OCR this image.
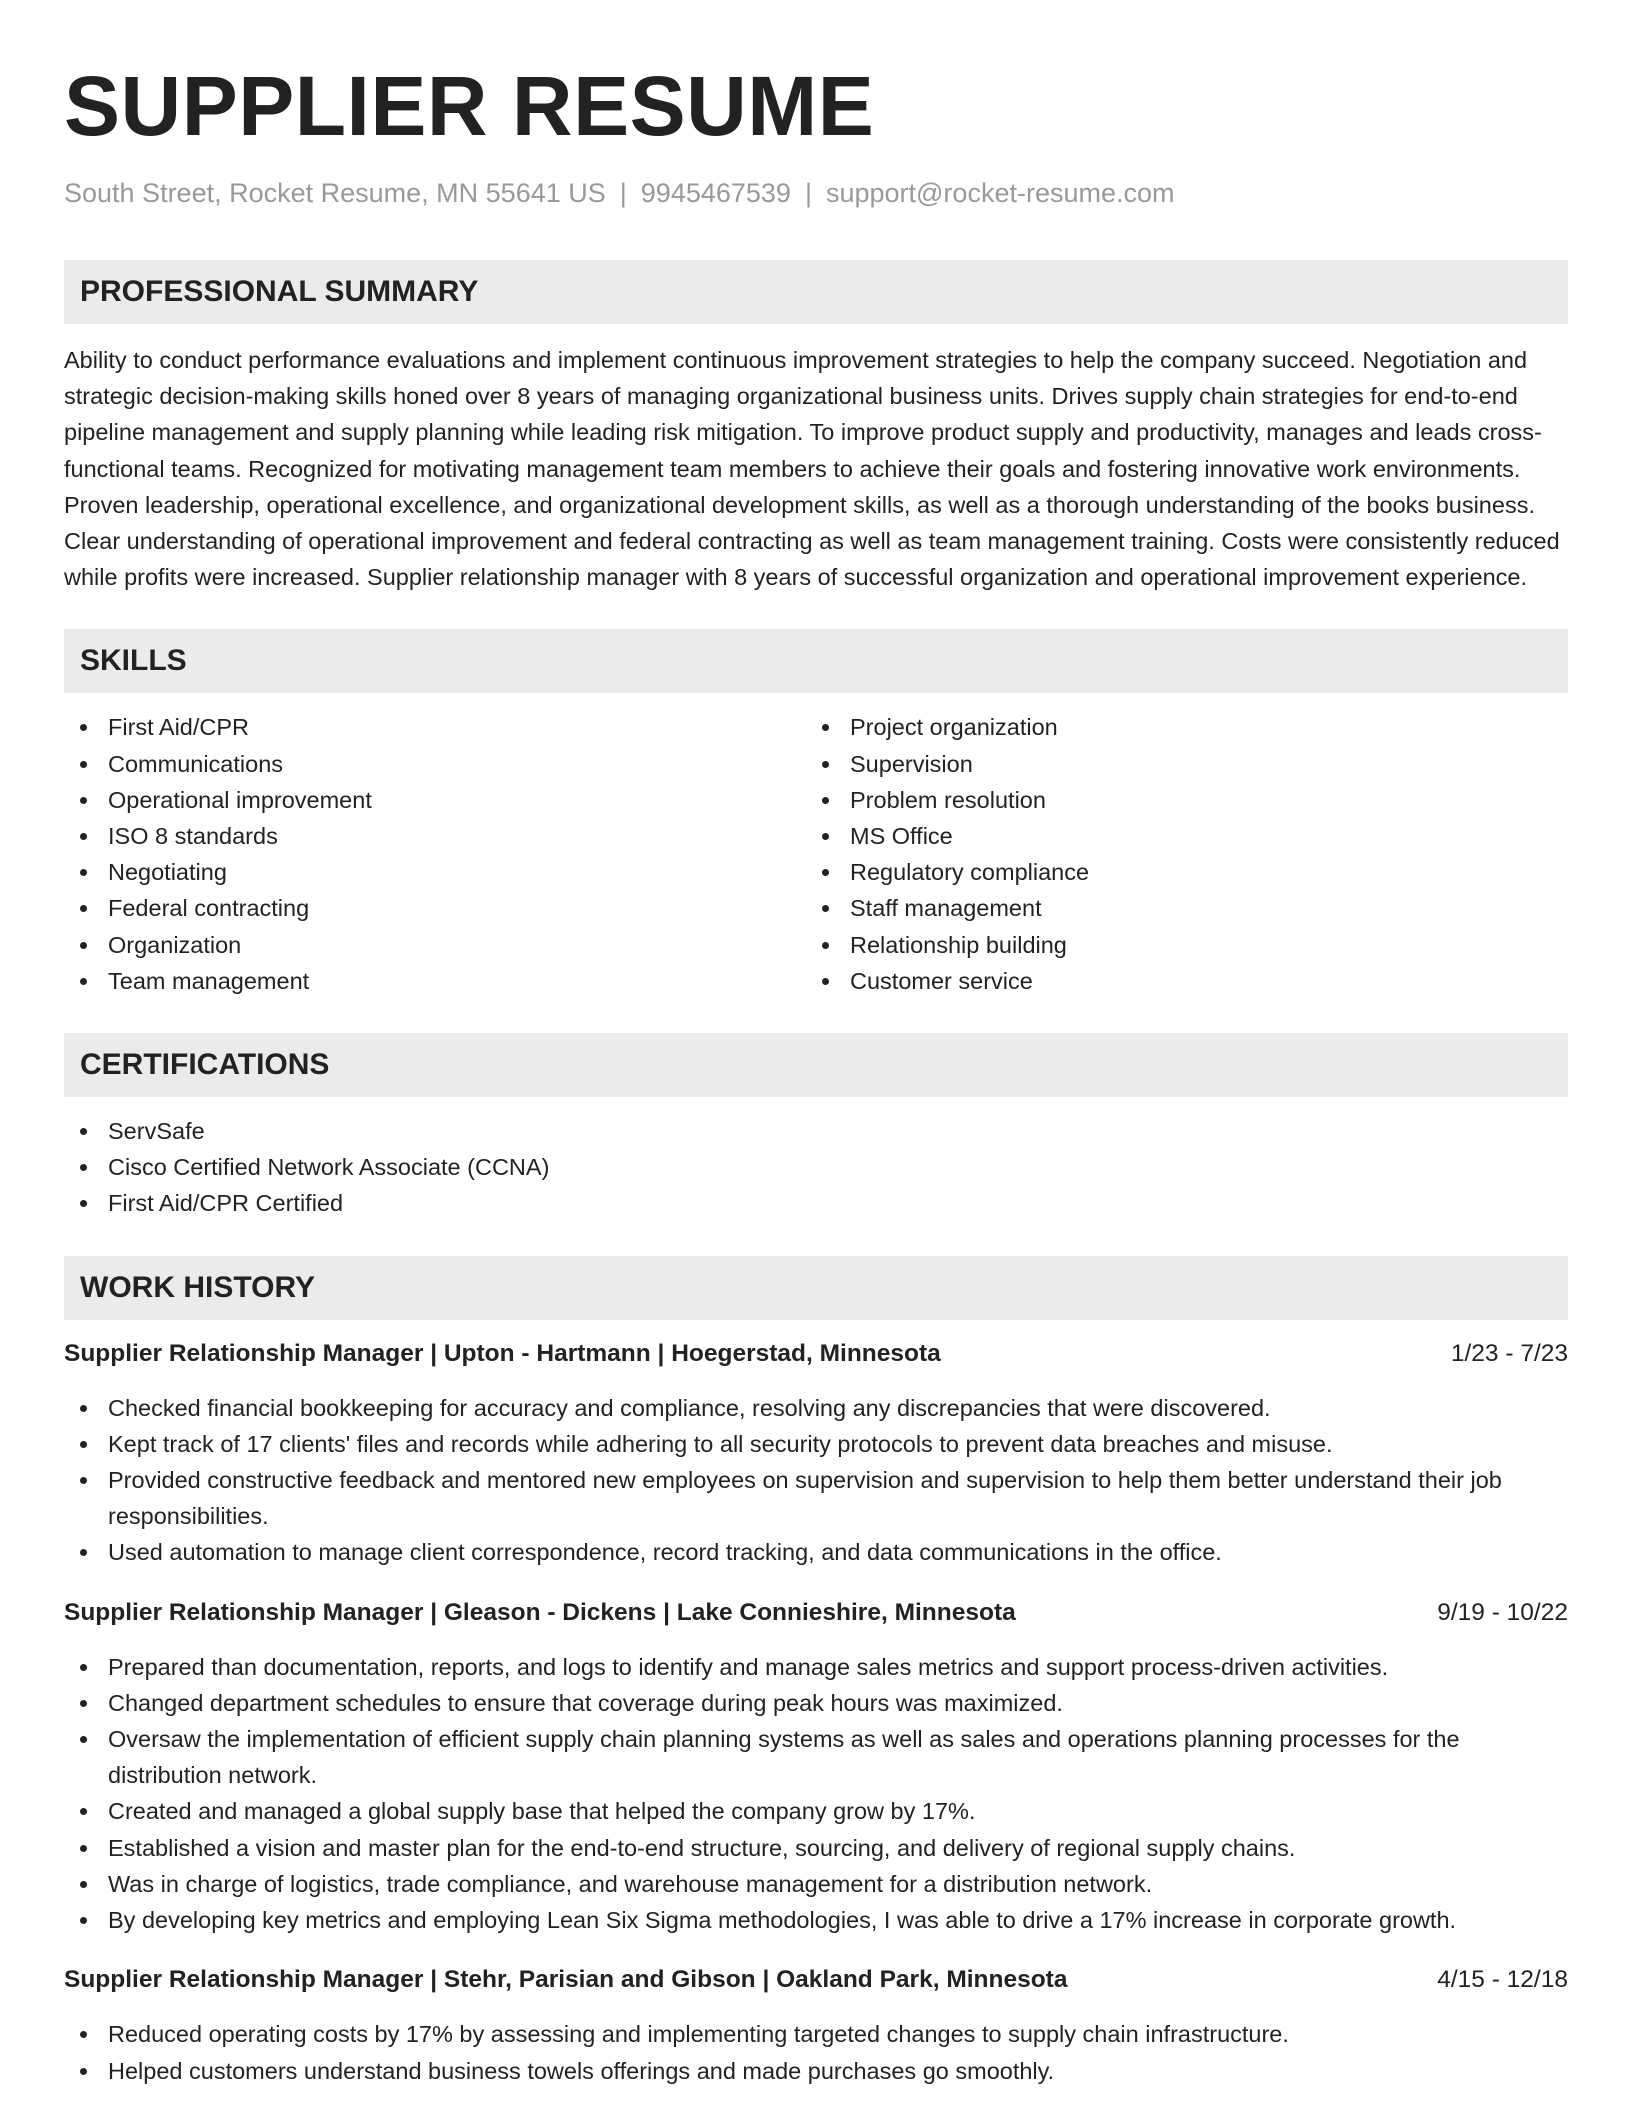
SUPPLIER RESUME
South Street, Rocket Resume, MN 55641 US | 9945467539 | support@rocket-resume.com
PROFESSIONAL SUMMARY

Ability to conduct performance evaluations and implement continuous improvement strategies to help the company succeed. Negotiation and strategic decision-making skills honed over 8 years of managing organizational business units. Drives supply chain strategies for end-to-end pipeline management and supply planning while leading risk mitigation. To improve product supply and productivity, manages and leads cross-functional teams. Recognized for motivating management team members to achieve their goals and fostering innovative work environments. Proven leadership, operational excellence, and organizational development skills, as well as a thorough understanding of the books business. Clear understanding of operational improvement and federal contracting as well as team management training. Costs were consistently reduced while profits were increased. Supplier relationship manager with 8 years of successful organization and operational improvement experience.

SKILLS
First Aid/CPR
Communications
Operational improvement
ISO 8 standards
Negotiating
Federal contracting
Organization
Team management
Project organization
Supervision
Problem resolution
MS Office
Regulatory compliance
Staff management
Relationship building
Customer service
CERTIFICATIONS
ServSafe
Cisco Certified Network Associate (CCNA)
First Aid/CPR Certified
WORK HISTORY
Supplier Relationship Manager | Upton - Hartmann | Hoegerstad, Minnesota	1/23 - 7/23
Checked financial bookkeeping for accuracy and compliance, resolving any discrepancies that were discovered.
Kept track of 17 clients' files and records while adhering to all security protocols to prevent data breaches and misuse.
Provided constructive feedback and mentored new employees on supervision and supervision to help them better understand their job responsibilities.
Used automation to manage client correspondence, record tracking, and data communications in the office.
Supplier Relationship Manager | Gleason - Dickens | Lake Connieshire, Minnesota	9/19 - 10/22
Prepared than documentation, reports, and logs to identify and manage sales metrics and support process-driven activities.
Changed department schedules to ensure that coverage during peak hours was maximized.
Oversaw the implementation of efficient supply chain planning systems as well as sales and operations planning processes for the distribution network.
Created and managed a global supply base that helped the company grow by 17%.
Established a vision and master plan for the end-to-end structure, sourcing, and delivery of regional supply chains.
Was in charge of logistics, trade compliance, and warehouse management for a distribution network.
By developing key metrics and employing Lean Six Sigma methodologies, I was able to drive a 17% increase in corporate growth.
Supplier Relationship Manager | Stehr, Parisian and Gibson | Oakland Park, Minnesota	4/15 - 12/18
Reduced operating costs by 17% by assessing and implementing targeted changes to supply chain infrastructure.
Helped customers understand business towels offerings and made purchases go smoothly.
